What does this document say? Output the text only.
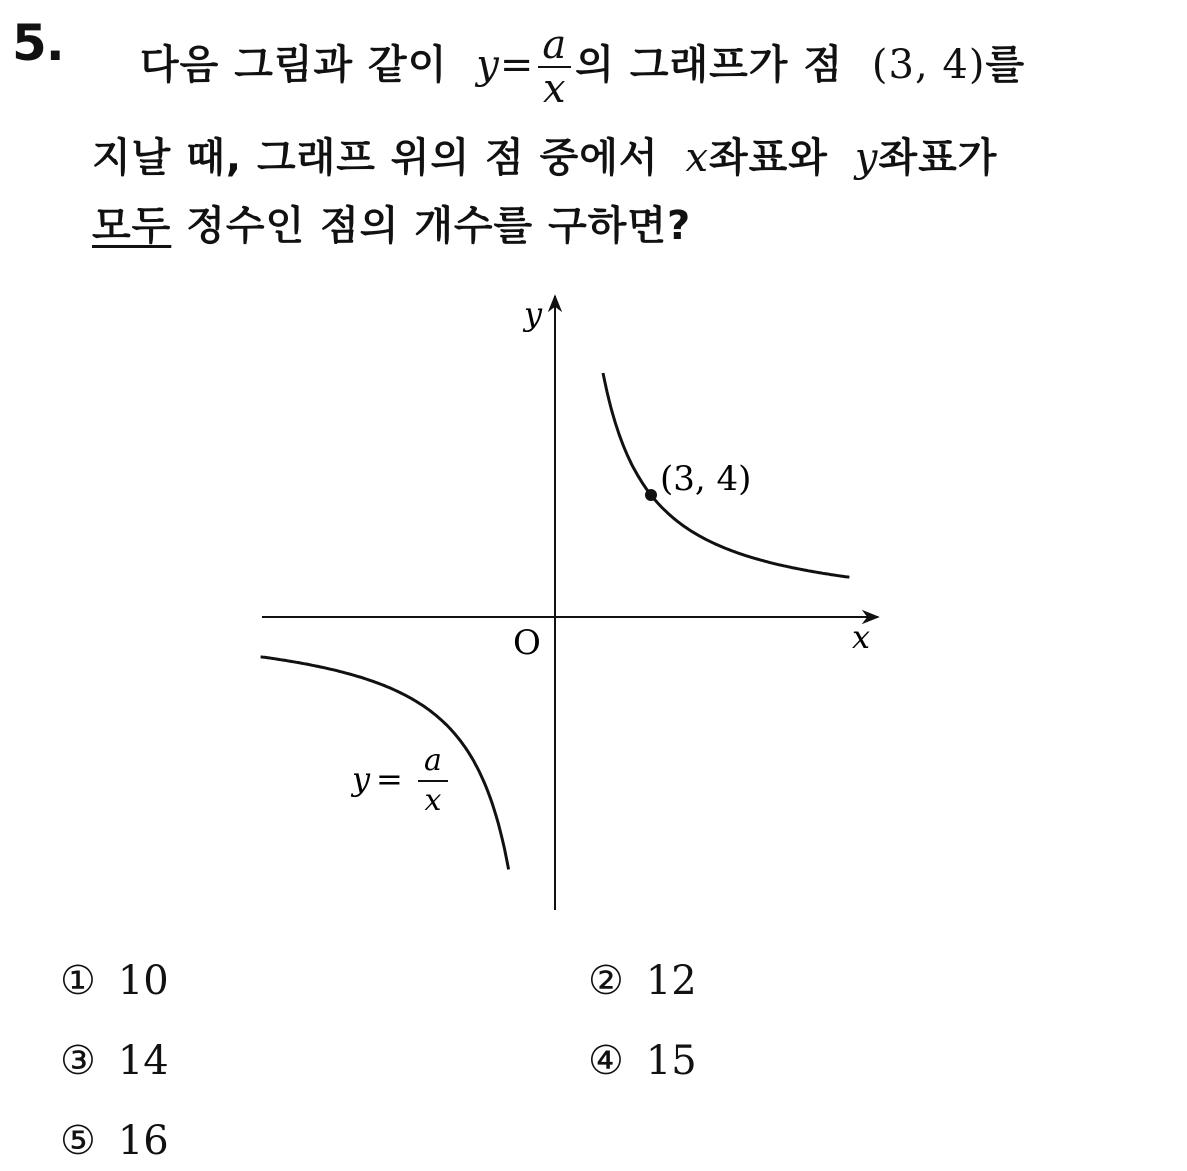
5. 다음 그림과 같이 $y= \frac{a}{x}$ 의 그래프가 점 (3, 4)를
지날 때, 그래프 위의 점 중에서 x좌표와 y좌표가
모두 정수인 점의 개수를 구하면?
y
x
O
(3, 4)
y = a
x
① 10	② 12
③ 14	④ 15
⑤ 16
